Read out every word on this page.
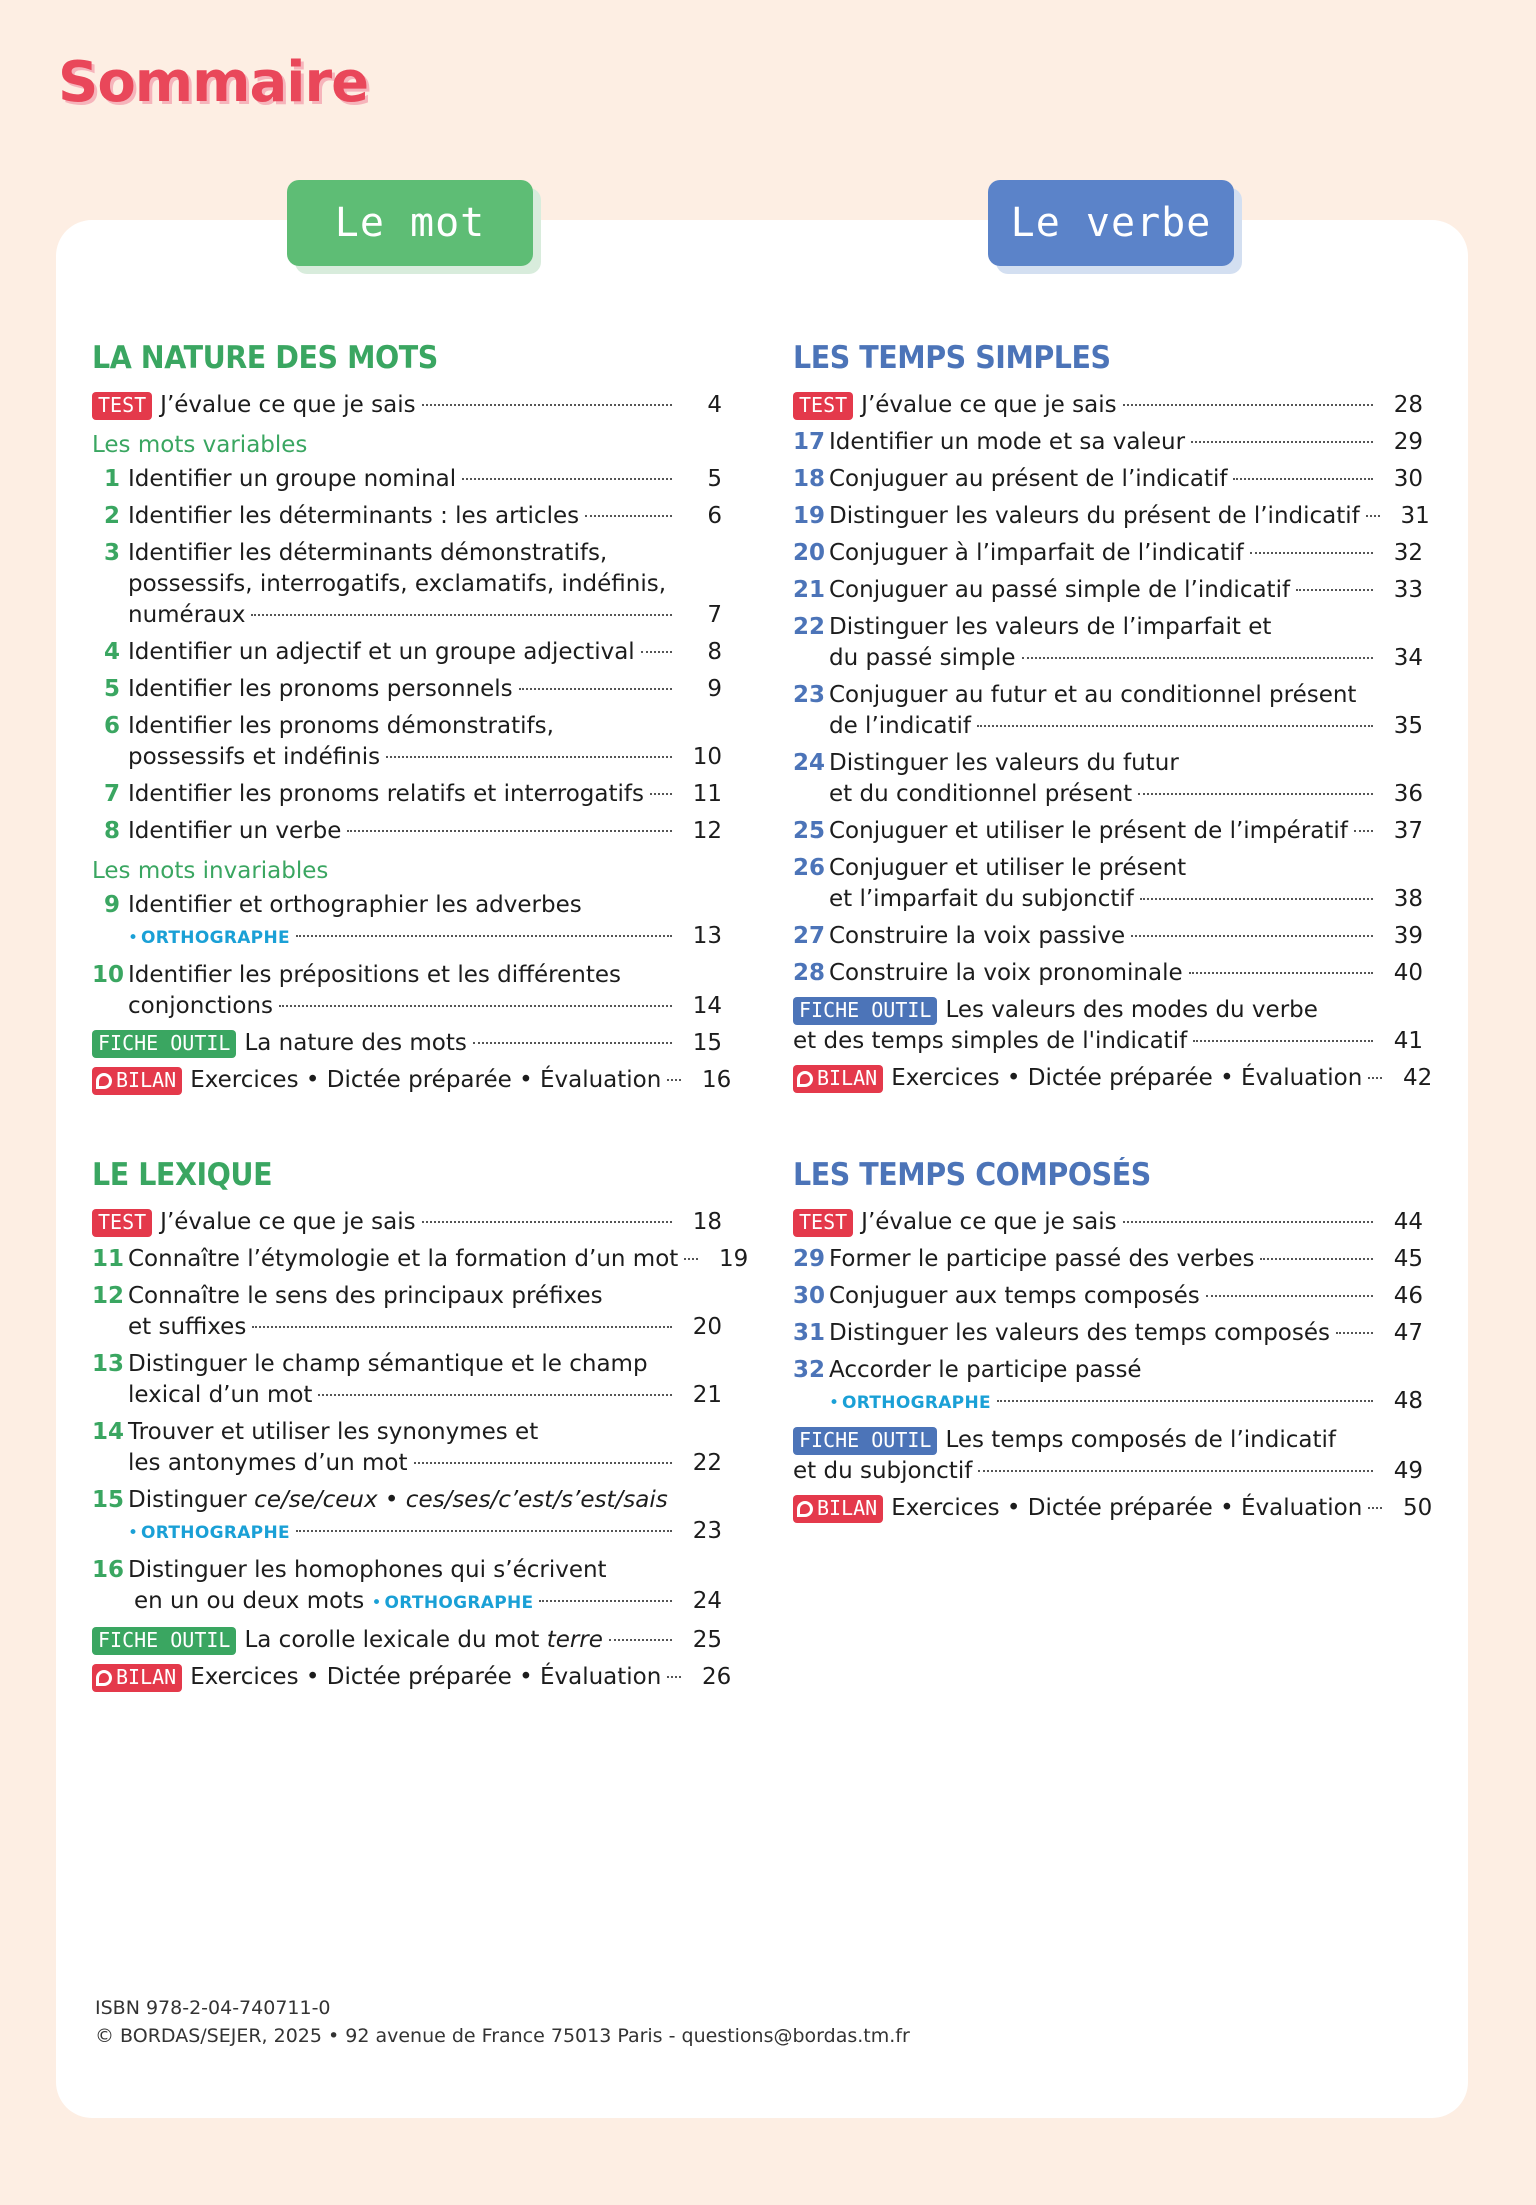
Sommaire
Le mot	Le verbe
LA NATURE DES MOTS
TEST J’évalue ce que je sais	4
Les mots variables
1 Identifier un groupe nominal	5
2 Identifier les déterminants : les articles	6
3 Identifier les déterminants démonstratifs,
possessifs, interrogatifs, exclamatifs, indéfinis,
numéraux	7
4 Identifier un adjectif et un groupe adjectival	8
5 Identifier les pronoms personnels	9
6 Identifier les pronoms démonstratifs,
possessifs et indéfinis	10
7 Identifier les pronoms relatifs et interrogatifs	11
8 Identifier un verbe	12
Les mots invariables
9 Identifier et orthographier les adverbes
• ORTHOGRAPHE	13
10 Identifier les prépositions et les différentes
conjonctions	14
FICHE OUTIL La nature des mots	15
BILAN Exercices • Dictée préparée • Évaluation	16
LE LEXIQUE
TEST J’évalue ce que je sais	18
11 Connaître l’étymologie et la formation d’un mot	19
12 Connaître le sens des principaux préfixes
et suffixes	20
13 Distinguer le champ sémantique et le champ
lexical d’un mot	21
14 Trouver et utiliser les synonymes et
les antonymes d’un mot	22
15 Distinguer
ce/se/ceux
•
ces/ses/c’est/s’est/sais
• ORTHOGRAPHE	23
16 Distinguer les homophones qui s’écrivent
en un ou deux mots
• ORTHOGRAPHE	24
FICHE OUTIL La corolle lexicale du mot
terre	25
BILAN Exercices • Dictée préparée • Évaluation	26
LES TEMPS SIMPLES
TEST J’évalue ce que je sais	28
17 Identifier un mode et sa valeur	29
18 Conjuguer au présent de l’indicatif	30
19 Distinguer les valeurs du présent de l’indicatif	31
20 Conjuguer à l’imparfait de l’indicatif	32
21 Conjuguer au passé simple de l’indicatif	33
22 Distinguer les valeurs de l’imparfait et
du passé simple	34
23 Conjuguer au futur et au conditionnel présent
de l’indicatif	35
24 Distinguer les valeurs du futur
et du conditionnel présent	36
25 Conjuguer et utiliser le présent de l’impératif	37
26 Conjuguer et utiliser le présent
et l’imparfait du subjonctif	38
27 Construire la voix passive	39
28 Construire la voix pronominale	40
FICHE OUTIL Les valeurs des modes du verbe
et des temps simples de l'indicatif	41
BILAN Exercices • Dictée préparée • Évaluation	42
LES TEMPS COMPOSÉS
TEST J’évalue ce que je sais	44
29 Former le participe passé des verbes	45
30 Conjuguer aux temps composés	46
31 Distinguer les valeurs des temps composés	47
32 Accorder le participe passé
• ORTHOGRAPHE	48
FICHE OUTIL Les temps composés de l’indicatif
et du subjonctif	49
BILAN Exercices • Dictée préparée • Évaluation	50
ISBN 978-2-04-740711-0
© BORDAS/SEJER, 2025 • 92 avenue de France 75013 Paris - questions@bordas.tm.fr
